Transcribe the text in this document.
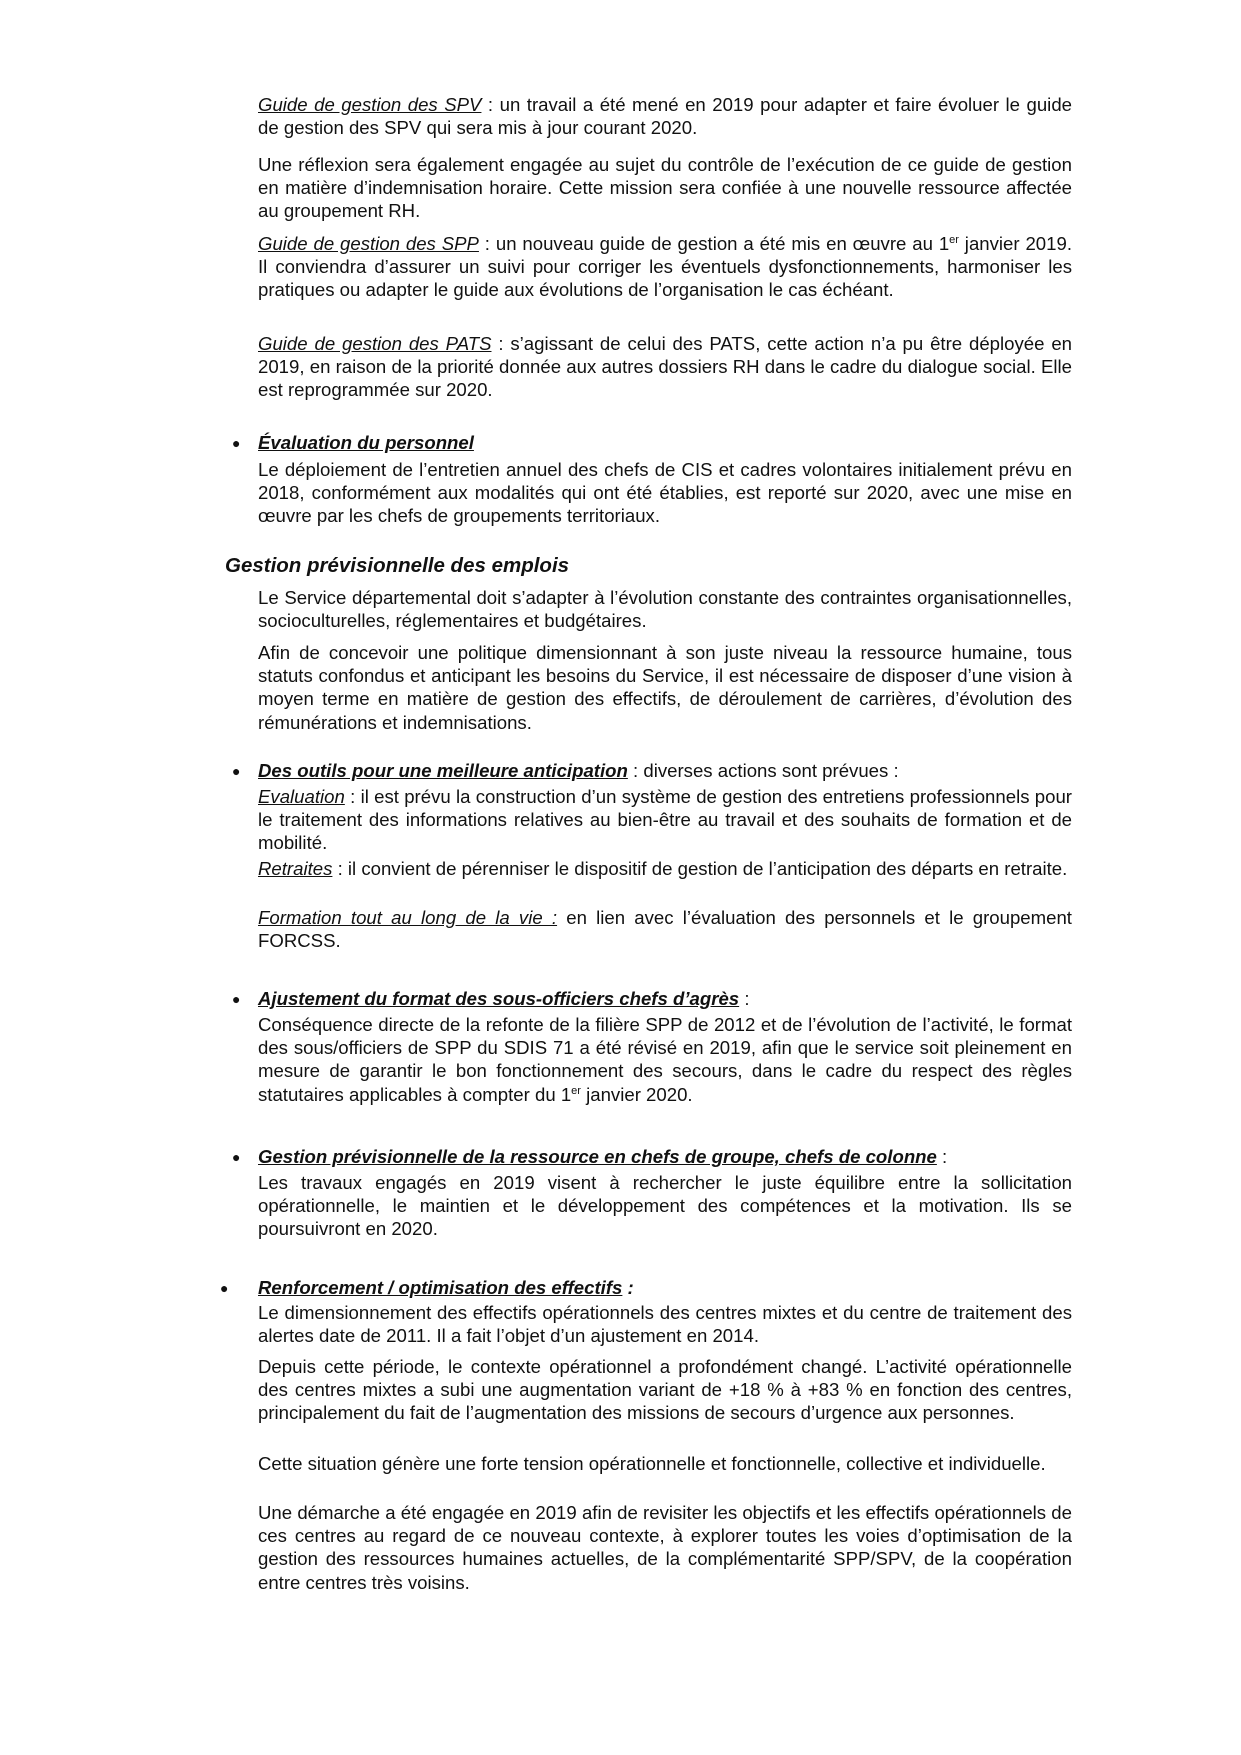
Guide de gestion des SPV : un travail a été mené en 2019 pour adapter et faire évoluer le guide de gestion des SPV qui sera mis à jour courant 2020.

Une réflexion sera également engagée au sujet du contrôle de l’exécution de ce guide de gestion en matière d’indemnisation horaire. Cette mission sera confiée à une nouvelle ressource affectée au groupement RH.

Guide de gestion des SPP : un nouveau guide de gestion a été mis en œuvre au 1er janvier 2019. Il conviendra d’assurer un suivi pour corriger les éventuels dysfonctionnements, harmoniser les pratiques ou adapter le guide aux évolutions de l’organisation le cas échéant.

Guide de gestion des PATS : s’agissant de celui des PATS, cette action n’a pu être déployée en 2019, en raison de la priorité donnée aux autres dossiers RH dans le cadre du dialogue social. Elle est reprogrammée sur 2020.

● Évaluation du personnel

Le déploiement de l’entretien annuel des chefs de CIS et cadres volontaires initialement prévu en 2018, conformément aux modalités qui ont été établies, est reporté sur 2020, avec une mise en œuvre par les chefs de groupements territoriaux.

Gestion prévisionnelle des emplois

Le Service départemental doit s’adapter à l’évolution constante des contraintes organisationnelles, socioculturelles, réglementaires et budgétaires.

Afin de concevoir une politique dimensionnant à son juste niveau la ressource humaine, tous statuts confondus et anticipant les besoins du Service, il est nécessaire de disposer d’une vision à moyen terme en matière de gestion des effectifs, de déroulement de carrières, d’évolution des rémunérations et indemnisations.

● Des outils pour une meilleure anticipation : diverses actions sont prévues :

Evaluation : il est prévu la construction d’un système de gestion des entretiens professionnels pour le traitement des informations relatives au bien-être au travail et des souhaits de formation et de mobilité.

Retraites : il convient de pérenniser le dispositif de gestion de l’anticipation des départs en retraite.

Formation tout au long de la vie : en lien avec l’évaluation des personnels et le groupement FORCSS.

● Ajustement du format des sous-officiers chefs d’agrès :

Conséquence directe de la refonte de la filière SPP de 2012 et de l’évolution de l’activité, le format des sous/officiers de SPP du SDIS 71 a été révisé en 2019, afin que le service soit pleinement en mesure de garantir le bon fonctionnement des secours, dans le cadre du respect des règles statutaires applicables à compter du 1er janvier 2020.

● Gestion prévisionnelle de la ressource en chefs de groupe, chefs de colonne :

Les travaux engagés en 2019 visent à rechercher le juste équilibre entre la sollicitation opérationnelle, le maintien et le développement des compétences et la motivation. Ils se poursuivront en 2020.

● Renforcement / optimisation des effectifs :

Le dimensionnement des effectifs opérationnels des centres mixtes et du centre de traitement des alertes date de 2011. Il a fait l’objet d’un ajustement en 2014.

Depuis cette période, le contexte opérationnel a profondément changé. L’activité opérationnelle des centres mixtes a subi une augmentation variant de +18 % à +83 % en fonction des centres, principalement du fait de l’augmentation des missions de secours d’urgence aux personnes.

Cette situation génère une forte tension opérationnelle et fonctionnelle, collective et individuelle.

Une démarche a été engagée en 2019 afin de revisiter les objectifs et les effectifs opérationnels de ces centres au regard de ce nouveau contexte, à explorer toutes les voies d’optimisation de la gestion des ressources humaines actuelles, de la complémentarité SPP/SPV, de la coopération entre centres très voisins.
